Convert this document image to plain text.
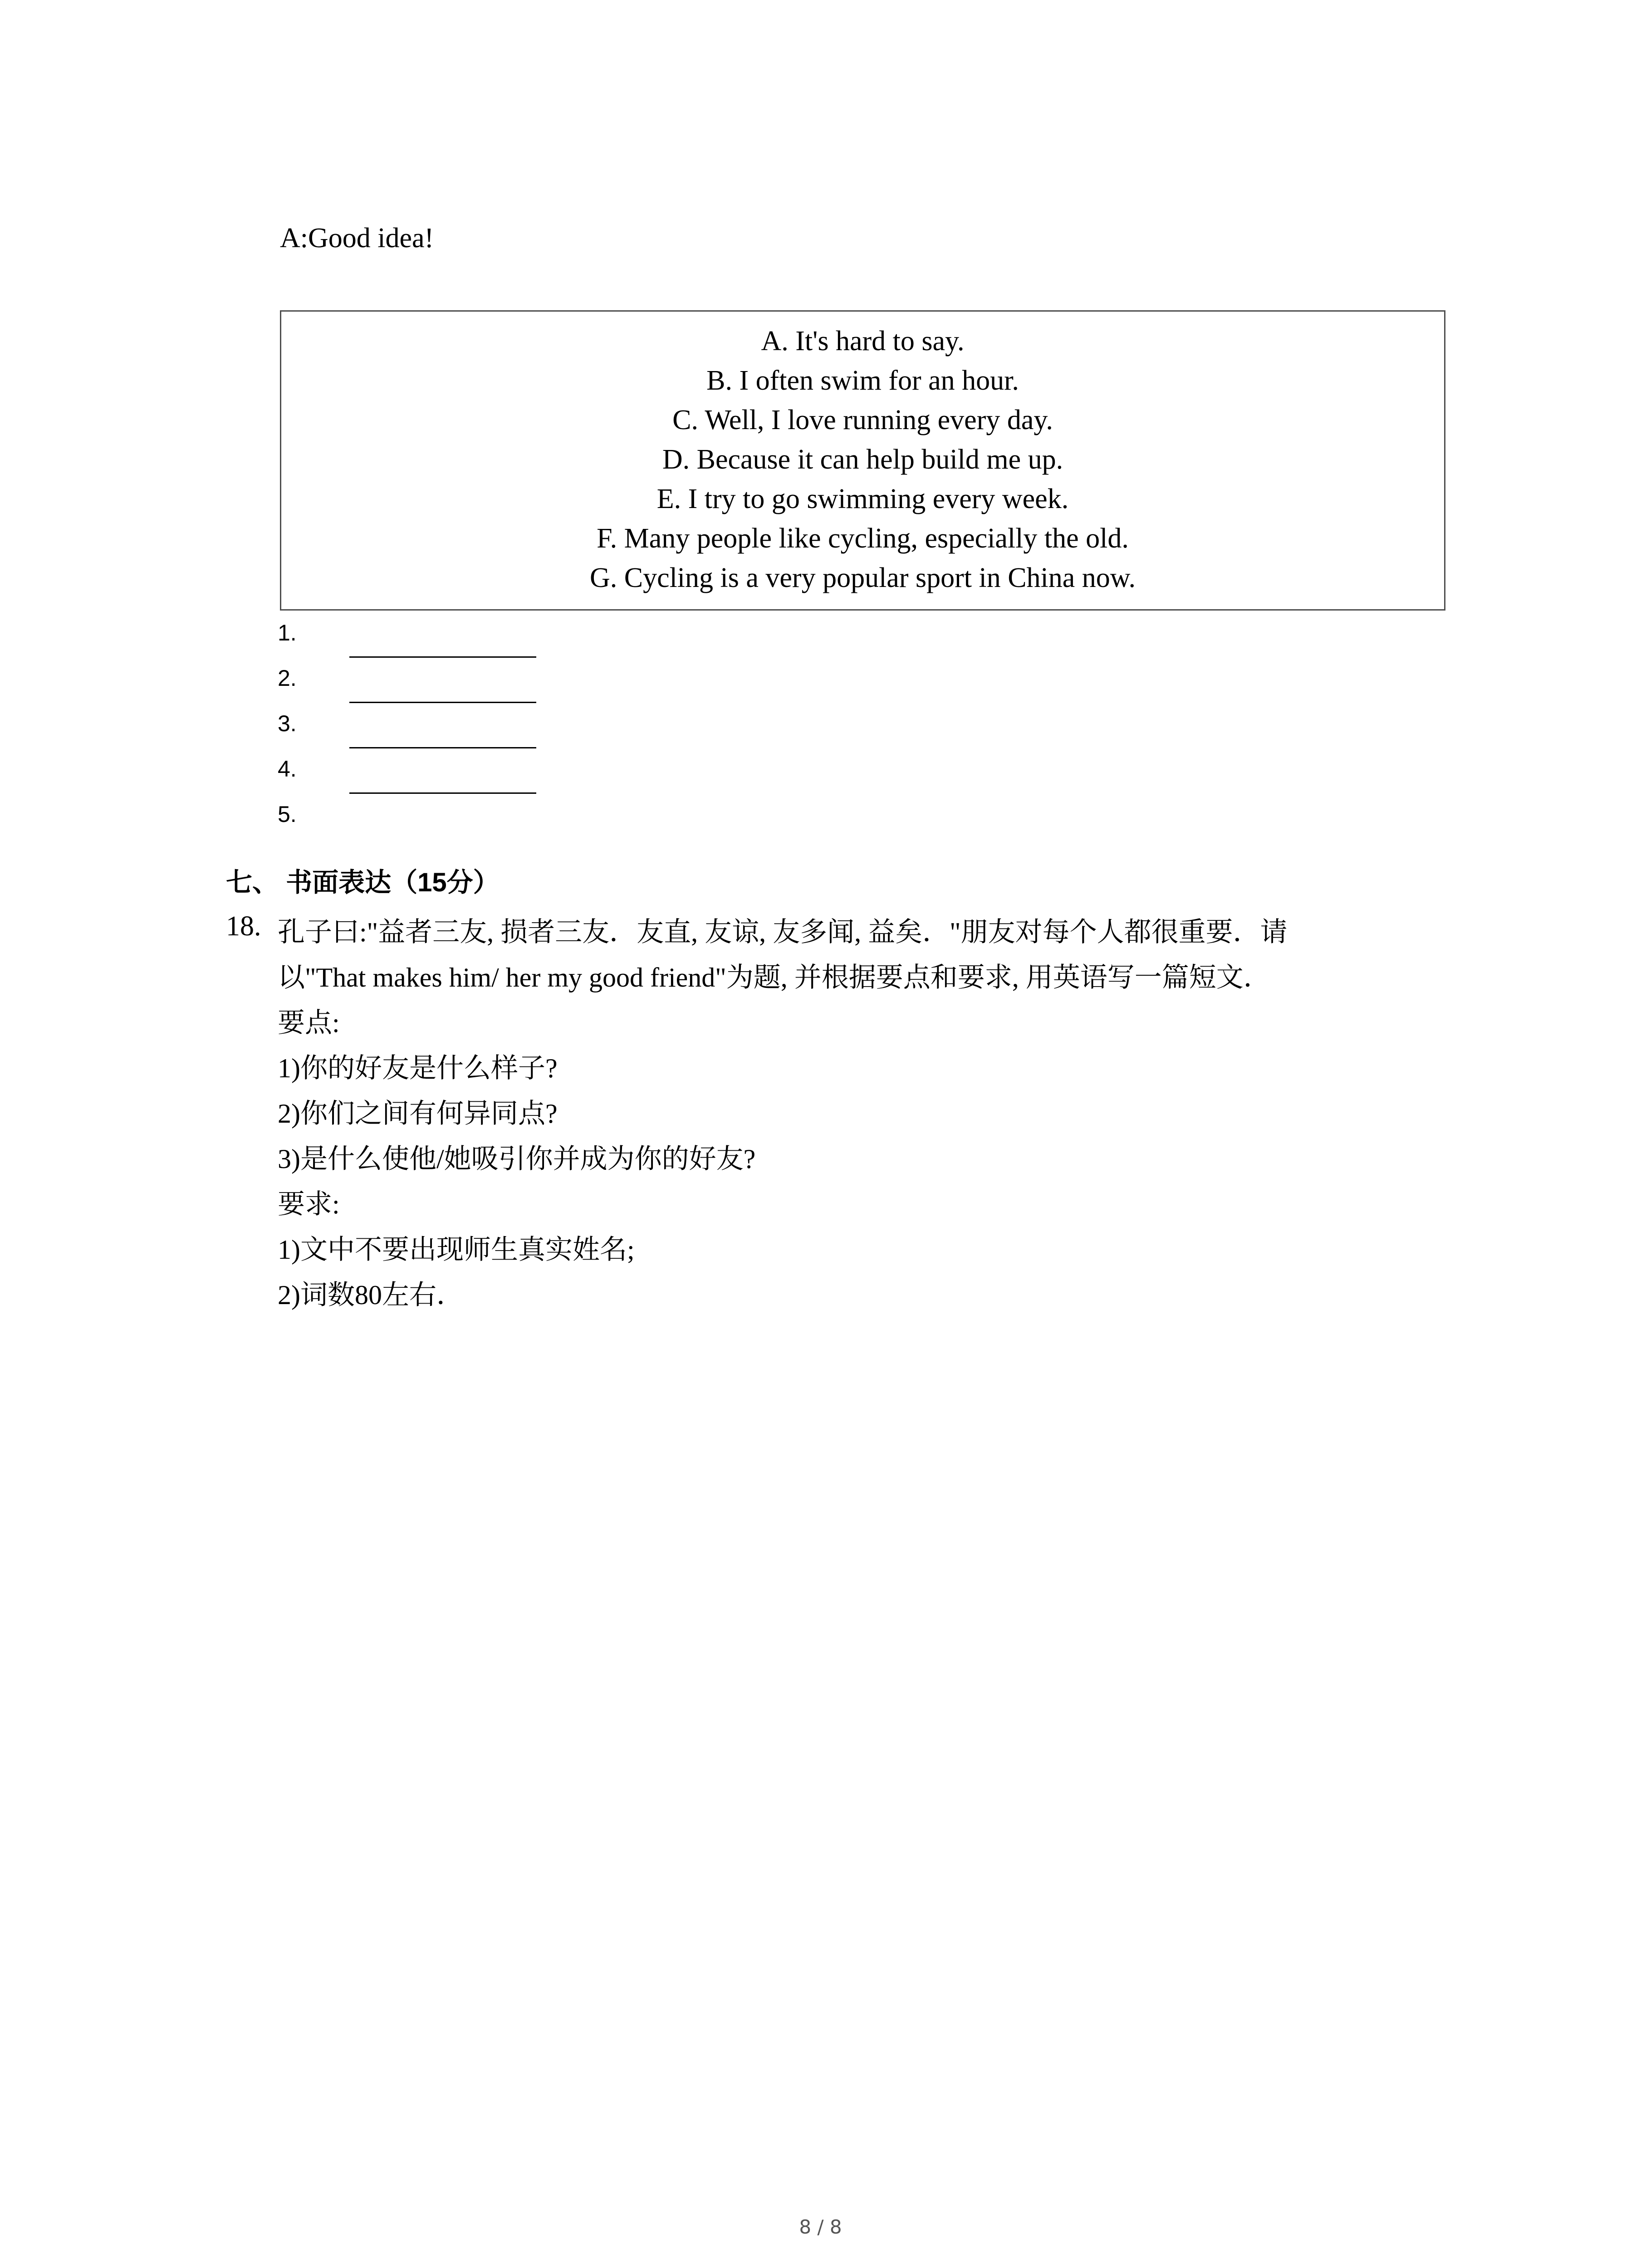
A:Good idea!
A. It's hard to say.
B. I often swim for an hour.
C. Well, I love running every day.
D. Because it can help build me up.
E. I try to go swimming every week.
F. Many people like cycling, especially the old.
G. Cycling is a very popular sport in China now.
1.
2.
3.
4.
5.
七、 书面表达（15分）
18. 孔子曰:"益者三友, 损者三友．友直, 友谅, 友多闻, 益矣．"朋友对每个人都很重要．请
以"That makes him/ her my good friend"为题, 并根据要点和要求, 用英语写一篇短文．
要点:
1)你的好友是什么样子?
2)你们之间有何异同点?
3)是什么使他/她吸引你并成为你的好友?
要求:
1)文中不要出现师生真实姓名;
2)词数80左右．
8 / 8
